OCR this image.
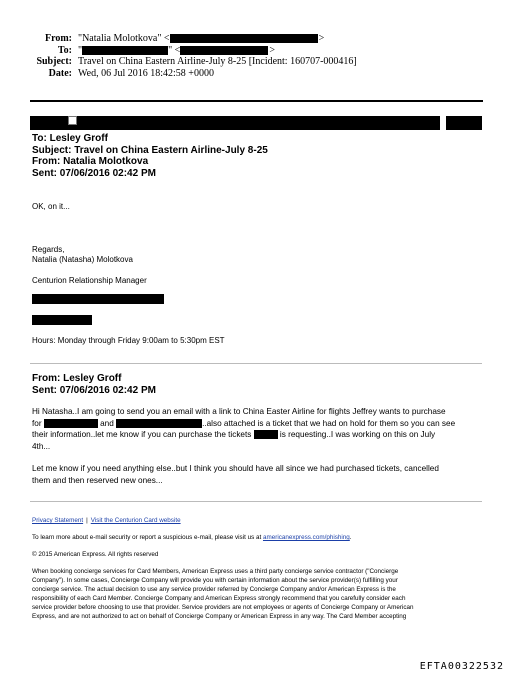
From: "Natalia Molotkova" <	>
To: "	" <	>
Subject: Travel on China Eastern Airline-July 8-25 [Incident: 160707-000416]
Date: Wed, 06 Jul 2016 18:42:58 +0000
To: Lesley Groff
Subject: Travel on China Eastern Airline-July 8-25
From: Natalia Molotkova
Sent: 07/06/2016 02:42 PM
OK, on it...
Regards,
Natalia (Natasha) Molotkova
Centurion Relationship Manager
Hours: Monday through Friday 9:00am to 5:30pm EST
From: Lesley Groff
Sent: 07/06/2016 02:42 PM
Hi Natasha..I am going to send you an email with a link to China Easter Airline for flights Jeffrey wants to purchase
for	and	..also attached is a ticket that we had on hold for them so you can see
their information..let me know if you can purchase the tickets	is requesting..I was working on this on July
4th...
Let me know if you need anything else..but I think you should have all since we had purchased tickets, cancelled
them and then reserved new ones...
Privacy Statement | Visit the Centurion Card website
To learn more about e-mail security or report a suspicious e-mail, please visit us at americanexpress.com/phishing.
© 2015 American Express. All rights reserved
When booking concierge services for Card Members, American Express uses a third party concierge service contractor ("Concierge
Company"). In some cases, Concierge Company will provide you with certain information about the service provider(s) fulfilling your
concierge service. The actual decision to use any service provider referred by Concierge Company and/or American Express is the
responsibility of each Card Member. Concierge Company and American Express strongly recommend that you carefully consider each
service provider before choosing to use that provider. Service providers are not employees or agents of Concierge Company or American
Express, and are not authorized to act on behalf of Concierge Company or American Express in any way. The Card Member accepting
EFTA00322532
